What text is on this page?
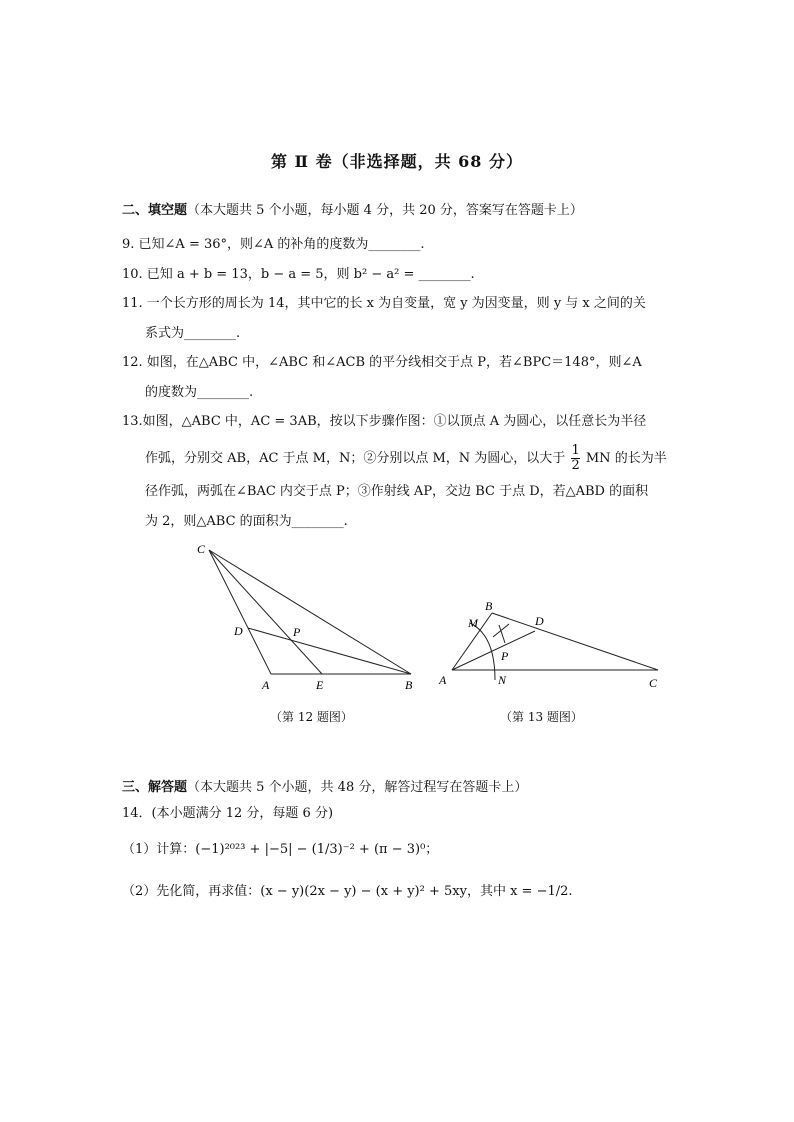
第 Ⅱ 卷（非选择题，共 68 分）
二、填空题（本大题共 5 个小题，每小题 4 分，共 20 分，答案写在答题卡上）
9. 已知∠A = 36°，则∠A 的补角的度数为________.
10. 已知 a + b = 13，b − a = 5，则 b² − a² = ________.
11. 一个长方形的周长为 14，其中它的长 x 为自变量，宽 y 为因变量，则 y 与 x 之间的关
系式为________.
12. 如图，在△ABC 中，∠ABC 和∠ACB 的平分线相交于点 P，若∠BPC＝148°，则∠A
的度数为________.
13.如图，△ABC 中，AC = 3AB，按以下步骤作图：①以顶点 A 为圆心，以任意长为半径
作弧，分别交 AB，AC 于点 M，N；②分别以点 M，N 为圆心，以大于 $\frac{1}{2}$ MN 的长为半
径作弧，两弧在∠BAC 内交于点 P；③作射线 AP，交边 BC 于点 D，若△ABD 的面积
为 2，则△ABC 的面积为________.
C
D	P
A	E	B
（第 12 题图）
B
M	D
P
A	N	C
（第 13 题图）
三、解答题（本大题共 5 个小题，共 48 分，解答过程写在答题卡上）
14．(本小题满分 12 分，每题 6 分)
（1）计算：(−1)²⁰²³ + |−5| − (1/3)⁻² + (π − 3)⁰；
（2）先化简，再求值：(x − y)(2x − y) − (x + y)² + 5xy，其中 x = −1/2.
